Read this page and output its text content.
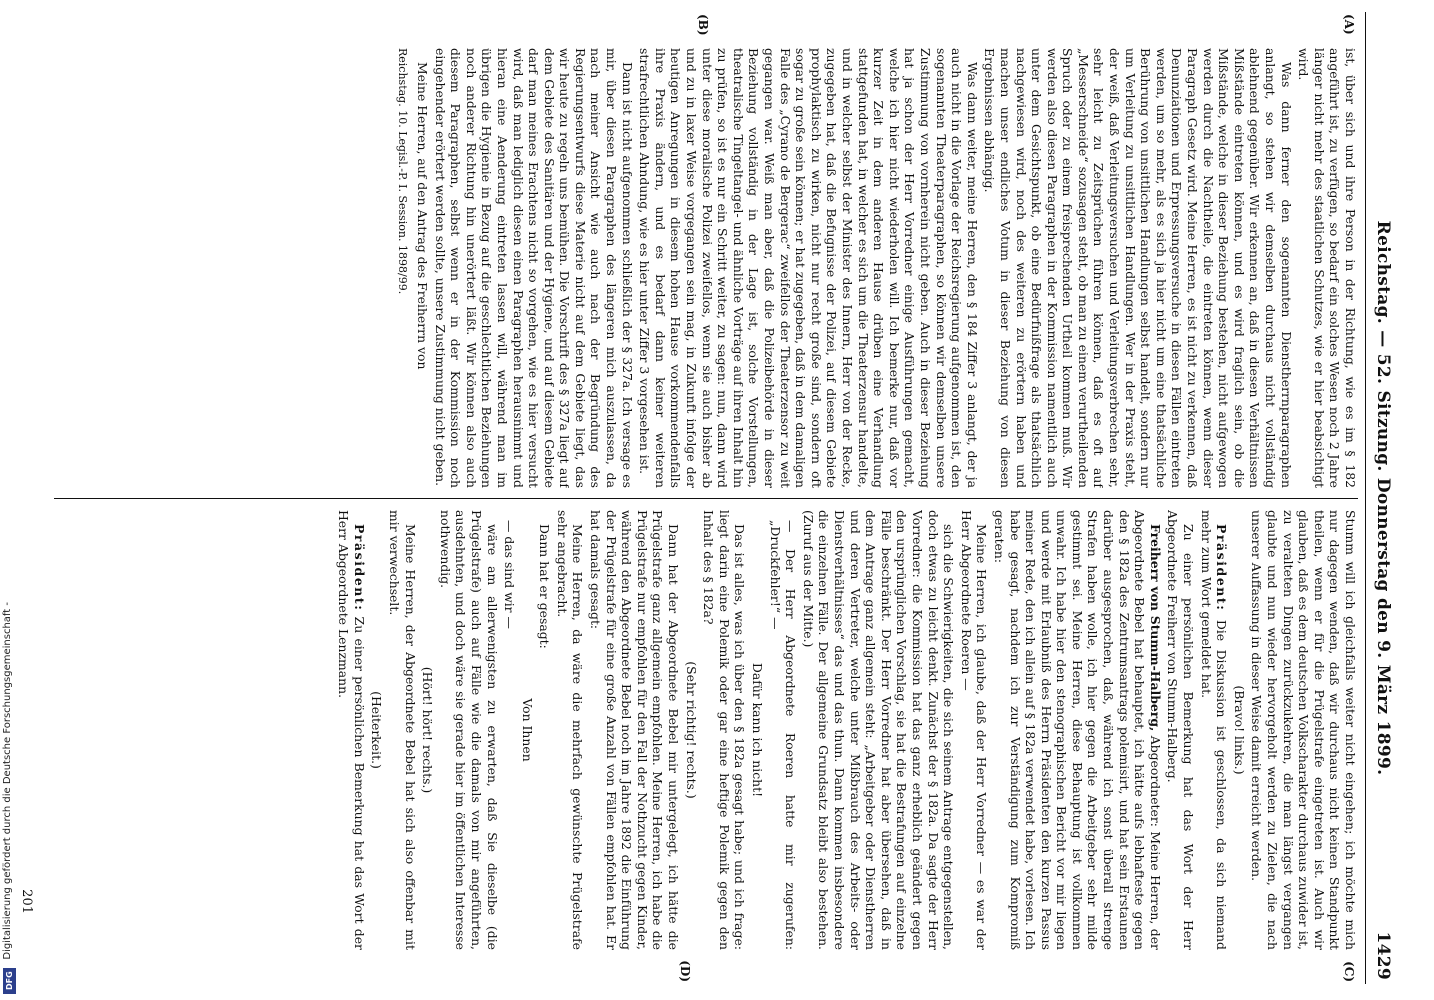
Digitalisierung gefördert durch die Deutsche Forschungsgemeinschaft -
DFG
Reichstag. — 52. Sitzung. Donnerstag den 9. März 1899.
1429
(A)
(B)
(C)
(D)

ist, über sich und ihre Person in der Richtung, wie es im § 182 angeführt ist, zu verfügen, so bedarf ein solches Wesen noch 2 Jahre länger nicht mehr des staatlichen Schutzes, wie er hier beabsichtigt wird.

Was dann ferner den sogenannten Dienstherrnparagraphen anlangt, so stehen wir demselben durchaus nicht vollständig ablehnend gegenüber. Wir erkennen an, daß in diesen Verhältnissen Mißstände eintreten können, und es wird fraglich sein, ob die Mißstände, welche in dieser Beziehung bestehen, nicht aufgewogen werden durch die Nachtheile, die eintreten können, wenn dieser Paragraph Gesetz wird. Meine Herren, es ist nicht zu verkennen, daß Denunziationen und Erpressungsversuche in diesen Fällen eintreten werden, um so mehr, als es sich ja hier nicht um eine thatsächliche Berührung von unsittlichen Handlungen selbst handelt, sondern nur um Verleitung zu unsittlichen Handlungen. Wer in der Praxis steht, der weiß, daß Verleitungsversuchen und Verleitungsverbrechen sehr, sehr leicht zu Zeitsprüchen führen können, daß es oft auf „Messerschneide“ sozusagen steht, ob man zu einem verurtheilenden Spruch oder zu einem freisprechenden Urtheil kommen muß. Wir werden also diesen Paragraphen in der Kommission namentlich auch unter dem Gesichtspunkt, ob eine Bedürfnißfrage als thatsächlich nachgewiesen wird, noch des weiteren zu erörtern haben und machen unser endliches Votum in dieser Beziehung von diesen Ergebnissen abhängig.

Was dann weiter, meine Herren, den § 184 Ziffer 3 anlangt, der ja auch nicht in die Vorlage der Reichsregierung aufgenommen ist, den sogenannten Theaterparagraphen, so können wir demselben unsere Zustimmung von vornherein nicht geben. Auch in dieser Beziehung hat ja schon der Herr Vorredner einige Ausführungen gemacht, welche ich hier nicht wiederholen will. Ich bemerke nur, daß vor kurzer Zeit in dem anderen Hause drüben eine Verhandlung stattgefunden hat, in welcher es sich um die Theaterzensur handelte, und in welcher selbst der Minister des Innern, Herr von der Recke, zugegeben hat, daß die Befugnisse der Polizei, auf diesem Gebiete prophylaktisch zu wirken, nicht nur recht große sind, sondern oft sogar zu große sein können; er hat zugegeben, daß in dem damaligen Falle des „Cyrano de Bergerac“ zweifellos der Theaterzensor zu weit gegangen war. Weiß man aber, daß die Polizeibehörde in dieser Beziehung vollständig in der Lage ist, solche Vorstellungen, theatralische Tingeltangel- und ähnliche Vorträge auf ihren Inhalt hin zu prüfen, so ist es nur ein Schritt weiter, zu sagen: nun, dann wird unter diese moralische Polizei zweifellos, wenn sie auch bisher ab und zu in laxer Weise vorgegangen sein mag, in Zukunft infolge der heutigen Anregungen in diesem hohen Hause vorkommendenfalls ihre Praxis ändern, und es bedarf dann keiner weiteren strafrechtlichen Ahndung, wie es hier unter Ziffer 3 vorgesehen ist.

Dann ist nicht aufgenommen schließlich der § 327a. Ich versage es mir, über diesen Paragraphen des längeren mich auszulassen, da nach meiner Ansicht wie auch nach der Begründung des Regierungsentwurfs diese Materie nicht auf dem Gebiete liegt, das wir heute zu regeln uns bemühen. Die Vorschrift des § 327a liegt auf dem Gebiete des Sanitären und der Hygiene, und auf diesem Gebiete darf man meines Erachtens nicht so vorgehen, wie es hier versucht wird, daß man lediglich diesen einen Paragraphen herausnimmt und hieran eine Aenderung eintreten lassen will, während man im übrigen die Hygienie in Bezug auf die geschlechtlichen Beziehungen noch anderer Richtung hin unerörtert läßt. Wir können also auch diesem Paragraphen, selbst wenn er in der Kommission noch eingehender erörtert werden sollte, unsere Zustimmung nicht geben.

Meine Herren, auf den Antrag des Freiherrn von

Reichstag. 10. Legisl.-P. I. Session. 1898/99.

Stumm will ich gleichfalls weiter nicht eingehen; ich möchte mich nur dagegen wenden, daß wir durchaus nicht keinen Standpunkt theilen, wenn er für die Prügelstrafe eingetreten ist. Auch wir glauben, daß es dem deutschen Volkscharakter durchaus zuwider ist, zu veralteten Dingen zurückzukehren, die man längst vergangen glaubte und nun wieder hervorgeholt werden zu Zielen, die nach unserer Auffassung in dieser Weise damit erreicht werden.

(Bravo! links.)

Präsident: Die Diskussion ist geschlossen, da sich niemand mehr zum Wort gemeldet hat.

Zu einer persönlichen Bemerkung hat das Wort der Herr Abgeordnete Freiherr von Stumm-Halberg.

Freiherr von Stumm-Halberg, Abgeordneter: Meine Herren, der Abgeordnete Bebel hat behauptet, ich hätte aufs lebhafteste gegen den § 182a des Zentrumsantrags polemisirt, und hat sein Erstaunen darüber ausgesprochen, daß, während ich sonst überall strenge Strafen haben wolle, ich hier gegen die Arbeitgeber sehr milde gestimmt sei. Meine Herren, diese Behauptung ist vollkommen unwahr. Ich habe hier den stenographischen Bericht vor mir liegen und werde mit Erlaubniß des Herrn Präsidenten den kurzen Passus meiner Rede, den ich allein auf § 182a verwendet habe, vorlesen. Ich habe gesagt, nachdem ich zur Verständigung zum Kompromiß geraten:

Meine Herren, ich glaube, daß der Herr Vorredner — es war der Herr Abgeordnete Roeren —

sich die Schwierigkeiten, die sich seinem Antrage entgegenstellen, doch etwas zu leicht denkt. Zunächst der § 182a. Da sagte der Herr Vorredner: die Kommission hat das ganz erheblich geändert gegen den ursprünglichen Vorschlag, sie hat die Bestrafungen auf einzelne Fälle beschränkt. Der Herr Vorredner hat aber übersehen, daß in dem Antrage ganz allgemein steht: „Arbeitgeber oder Dienstherren und deren Vertreter, welche unter Mißbrauch des Arbeits- oder Dienstverhältnisses“ das und das thun. Dann kommen insbesondere die einzelnen Fälle. Der allgemeine Grundsatz bleibt also bestehen. (Zuruf aus der Mitte.)

— Der Herr Abgeordnete Roeren hatte mir zugerufen: „Druckfehler!“ —

Dafür kann ich nicht!

Das ist alles, was ich über den § 182a gesagt habe; und ich frage: liegt darin eine Polemik oder gar eine heftige Polemik gegen den Inhalt des § 182a?

(Sehr richtig! rechts.)

Dann hat der Abgeordnete Bebel mir untergelegt, ich hätte die Prügelstrafe ganz allgemein empfohlen. Meine Herren, ich habe die Prügelstrafe nur empfohlen für den Fall der Nothzucht gegen Kinder, während den Abgeordnete Bebel noch im Jahre 1892 die Einführung der Prügelstrafe für eine große Anzahl von Fällen empfohlen hat. Er hat damals gesagt:

Meine Herren, da wäre die mehrfach gewünschte Prügelstrafe sehr angebracht.

Dann hat er gesagt:

Von Ihnen

— das sind wir —

wäre am allerwenigsten zu erwarten, daß Sie dieselbe (die Prügelstrafe) auch auf Fälle wie die damals von mir angeführten, ausdehnten, und doch wäre sie gerade hier im öffentlichen Interesse nothwendig.

(Hört! hört! rechts.)

Meine Herren, der Abgeordnete Bebel hat sich also offenbar mit mir verwechselt.

(Heiterkeit.)

Präsident: Zu einer persönlichen Bemerkung hat das Wort der Herr Abgeordnete Lenzmann.

201
